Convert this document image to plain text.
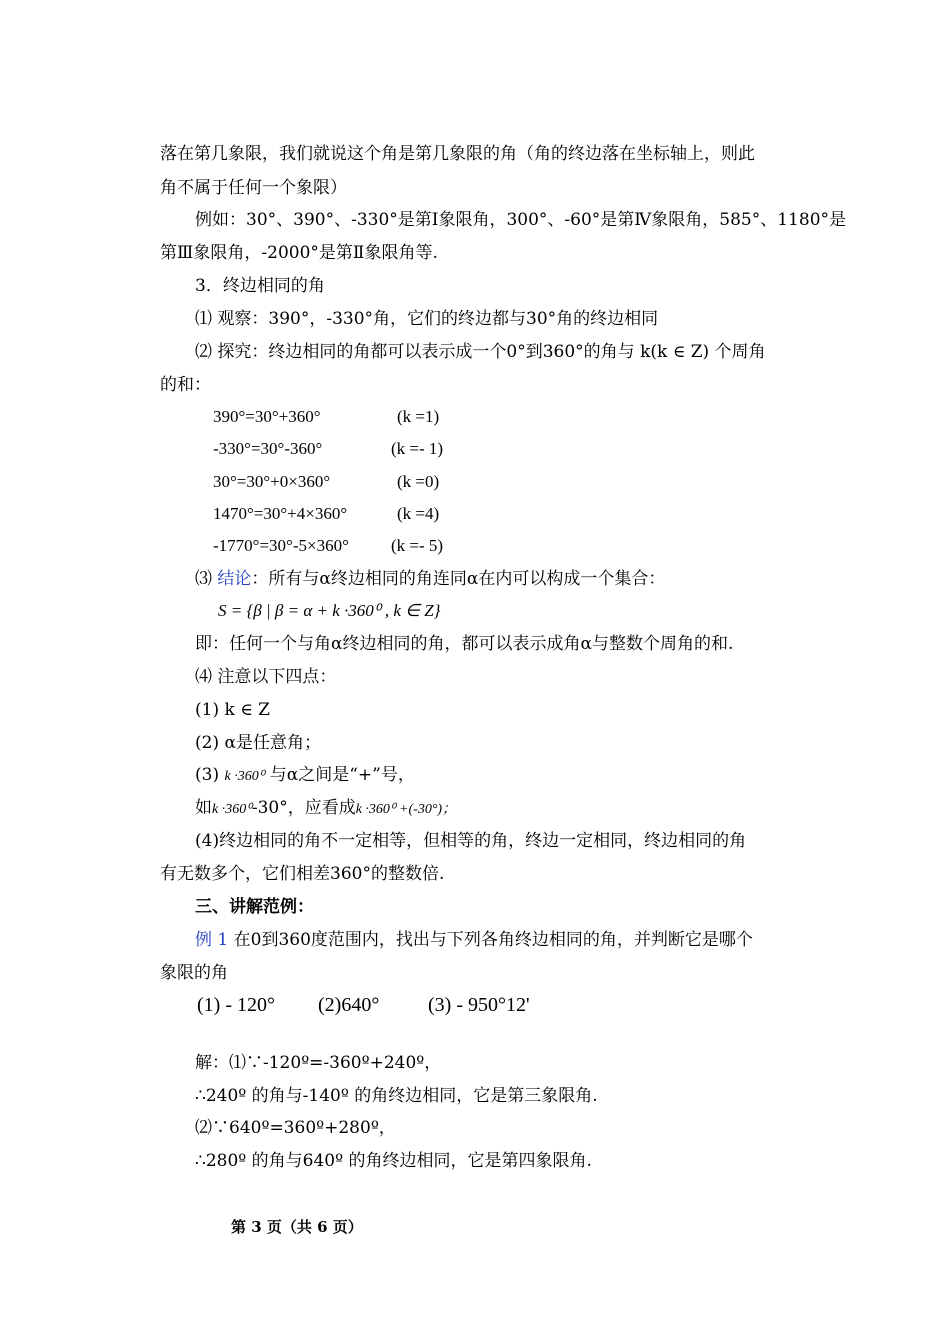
落在第几象限，我们就说这个角是第几象限的角（角的终边落在坐标轴上，则此
角不属于任何一个象限）
例如：30°、390°、-330°是第Ⅰ象限角，300°、-60°是第Ⅳ象限角，585°、1180°是
第Ⅲ象限角，-2000°是第Ⅱ象限角等.
3．终边相同的角
⑴ 观察：390°，-330°角，它们的终边都与30°角的终边相同
⑵ 探究：终边相同的角都可以表示成一个0°到360°的角与 k(k ∈ Z) 个周角
的和：
390°=30°+360°	(k =1)
-330°=30°-360°	(k =- 1)
30°=30°+0×360°	(k =0)
1470°=30°+4×360°	(k =4)
-1770°=30°-5×360° (k =- 5)
⑶ 结论：所有与α终边相同的角连同α在内可以构成一个集合：
S = {β | β = α + k ·360⁰ , k ∈ Z}
即：任何一个与角α终边相同的角，都可以表示成角α与整数个周角的和.
⑷ 注意以下四点：
(1) k ∈ Z
(2) α是任意角；
(3) k ·360⁰ 与α之间是“+”号，
如k ·360⁰-30°，应看成k ·360⁰ +(-30°)；
(4)终边相同的角不一定相等，但相等的角，终边一定相同，终边相同的角
有无数多个，它们相差360°的整数倍.
三、讲解范例：
例 1 在0到360度范围内，找出与下列各角终边相同的角，并判断它是哪个
象限的角
(1) - 120° (2)640° (3) - 950°12'
解：⑴∵-120º=-360º+240º，
∴240º 的角与-140º 的角终边相同，它是第三象限角.
⑵∵640º=360º+280º，
∴280º 的角与640º 的角终边相同，它是第四象限角.
第 3 页（共 6 页）
